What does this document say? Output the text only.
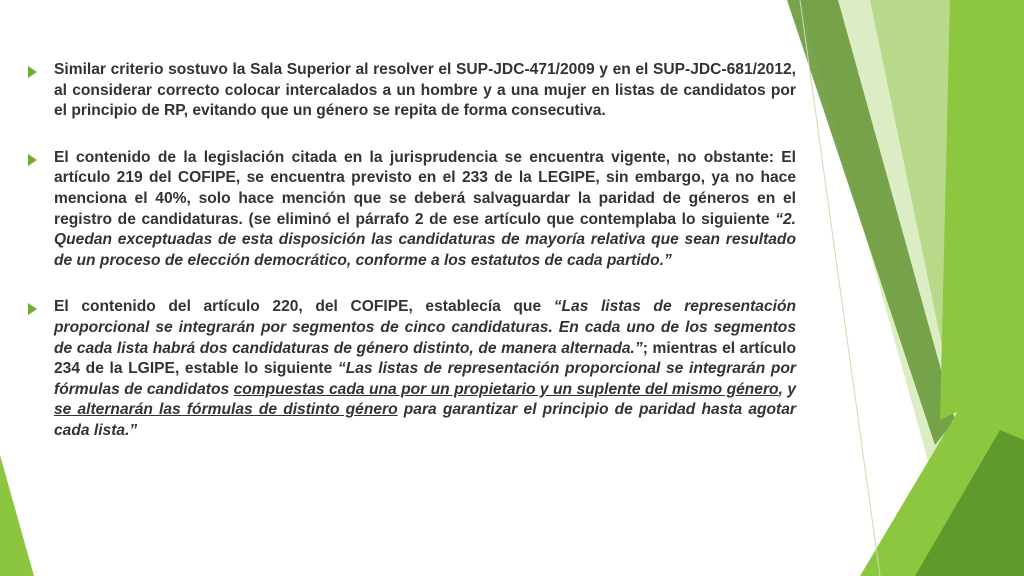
Similar criterio sostuvo la Sala Superior al resolver el SUP-JDC-471/2009 y en el SUP-JDC-681/2012, al considerar correcto colocar intercalados a un hombre y a una mujer en listas de candidatos por el principio de RP, evitando que un género se repita de forma consecutiva.
El contenido de la legislación citada en la jurisprudencia se encuentra vigente, no obstante: El artículo 219 del COFIPE, se encuentra previsto en el 233 de la LEGIPE, sin embargo, ya no hace menciona el 40%, solo hace mención que se deberá salvaguardar la paridad de géneros en el registro de candidaturas. (se eliminó el párrafo 2 de ese artículo que contemplaba lo siguiente “2. Quedan exceptuadas de esta disposición las candidaturas de mayoría relativa que sean resultado de un proceso de elección democrático, conforme a los estatutos de cada partido.”
El contenido del artículo 220, del COFIPE, establecía que “Las listas de representación proporcional se integrarán por segmentos de cinco candidaturas. En cada uno de los segmentos de cada lista habrá dos candidaturas de género distinto, de manera alternada.”; mientras el artículo 234 de la LGIPE, estable lo siguiente “Las listas de representación proporcional se integrarán por fórmulas de candidatos compuestas cada una por un propietario y un suplente del mismo género, y se alternarán las fórmulas de distinto género para garantizar el principio de paridad hasta agotar cada lista.”
